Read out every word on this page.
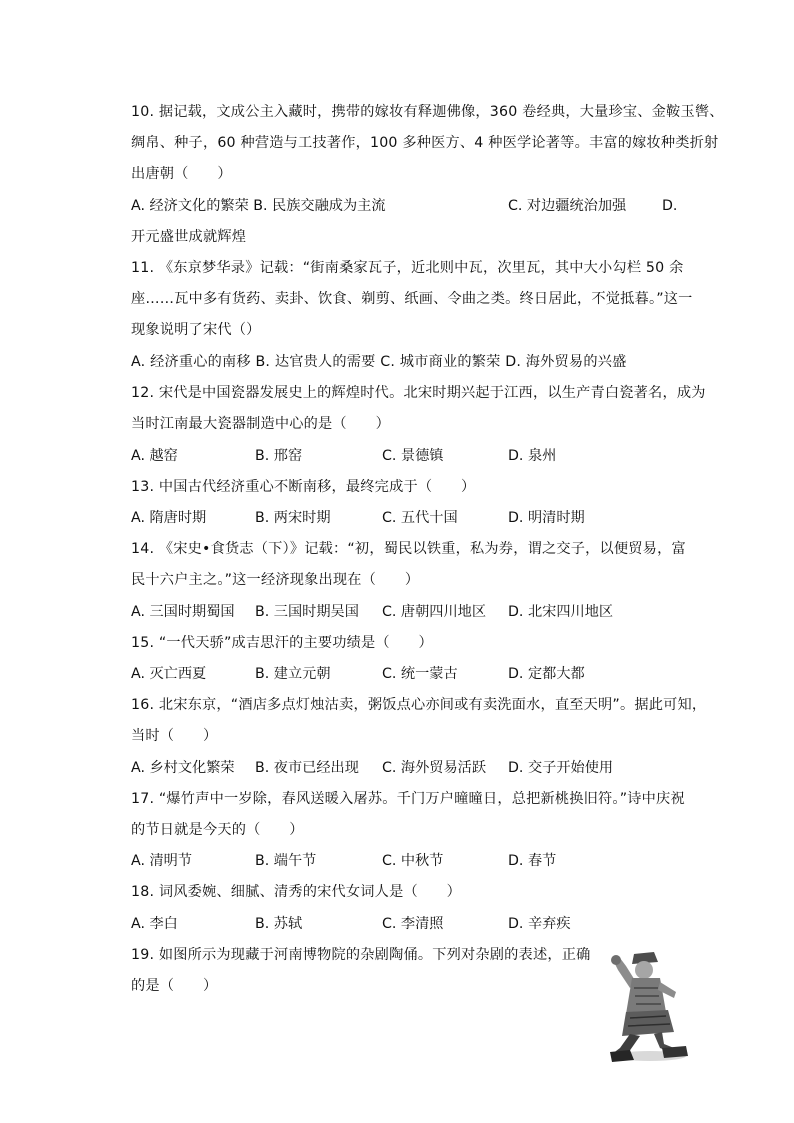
10. 据记载，文成公主入藏时，携带的嫁妆有释迦佛像，360 卷经典，大量珍宝、金鞍玉辔、
绸帛、种子，60 种营造与工技著作，100 多种医方、4 种医学论著等。丰富的嫁妆种类折射
出唐朝（　　）
A. 经济文化的繁荣 B. 民族交融成为主流	C. 对边疆统治加强	D.
开元盛世成就辉煌
11. 《东京梦华录》记载：“街南桑家瓦子，近北则中瓦，次里瓦，其中大小勾栏 50 余
座……瓦中多有货药、卖卦、饮食、剃剪、纸画、令曲之类。终日居此，不觉抵暮。”这一
现象说明了宋代（）
A. 经济重心的南移 B. 达官贵人的需要 C. 城市商业的繁荣 D. 海外贸易的兴盛
12. 宋代是中国瓷器发展史上的辉煌时代。北宋时期兴起于江西，以生产青白瓷著名，成为
当时江南最大瓷器制造中心的是（　　）
A. 越窑	B. 邢窑	C. 景德镇	D. 泉州
13. 中国古代经济重心不断南移，最终完成于（　　）
A. 隋唐时期	B. 两宋时期	C. 五代十国	D. 明清时期
14. 《宋史•食货志（下）》记载：“初，蜀民以铁重，私为券，谓之交子，以便贸易，富
民十六户主之。”这一经济现象出现在（　　）
A. 三国时期蜀国 B. 三国时期吴国 C. 唐朝四川地区 D. 北宋四川地区
15. “一代天骄”成吉思汗的主要功绩是（　　）
A. 灭亡西夏	B. 建立元朝	C. 统一蒙古	D. 定都大都
16. 北宋东京，“酒店多点灯烛沽卖，粥饭点心亦间或有卖洗面水，直至天明”。据此可知，
当时（　　）
A. 乡村文化繁荣 B. 夜市已经出现 C. 海外贸易活跃 D. 交子开始使用
17. “爆竹声中一岁除，春风送暖入屠苏。千门万户曈曈日，总把新桃换旧符。”诗中庆祝
的节日就是今天的（　　）
A. 清明节	B. 端午节	C. 中秋节	D. 春节
18. 词风委婉、细腻、清秀的宋代女词人是（　　）
A. 李白	B. 苏轼	C. 李清照	D. 辛弃疾
19. 如图所示为现藏于河南博物院的杂剧陶俑。下列对杂剧的表述，正确
的是（　　）
